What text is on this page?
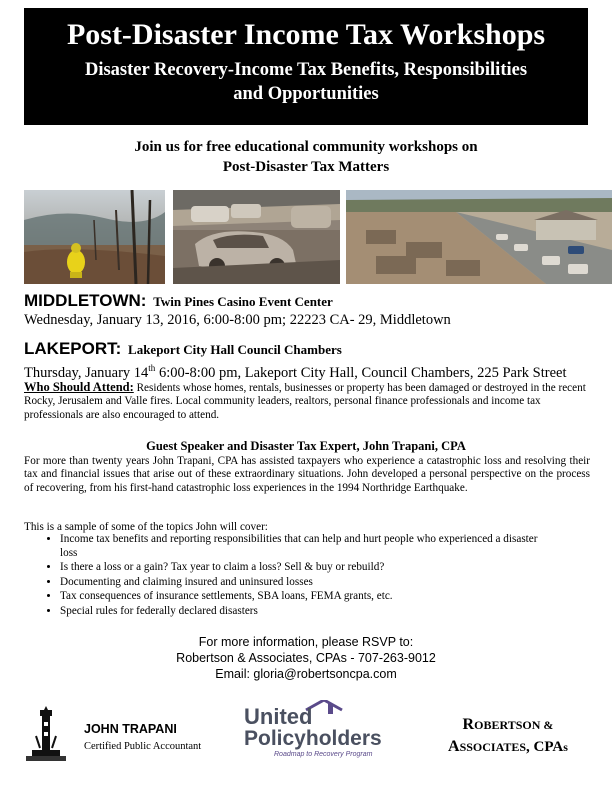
Post-Disaster Income Tax Workshops
Disaster Recovery-Income Tax Benefits, Responsibilities
and Opportunities
Join us for free educational community workshops on
Post-Disaster Tax Matters
MIDDLETOWN: Twin Pines Casino Event Center
Wednesday, January 13, 2016, 6:00-8:00 pm; 22223 CA- 29, Middletown
LAKEPORT: Lakeport City Hall Council Chambers
Thursday, January 14th 6:00-8:00 pm, Lakeport City Hall, Council Chambers, 225 Park Street
Who Should Attend: Residents whose homes, rentals, businesses or property has been damaged or destroyed in the recent Rocky, Jerusalem and Valle fires. Local community leaders, realtors, personal finance professionals and income tax professionals are also encouraged to attend.
Guest Speaker and Disaster Tax Expert, John Trapani, CPA
For more than twenty years John Trapani, CPA has assisted taxpayers who experience a catastrophic loss and resolving their tax and financial issues that arise out of these extraordinary situations. John developed a personal perspective on the process of recovering, from his first-hand catastrophic loss experiences in the 1994 Northridge Earthquake.
This is a sample of some of the topics John will cover:
• Income tax benefits and reporting responsibilities that can help and hurt people who experienced a disaster loss
• Is there a loss or a gain? Tax year to claim a loss? Sell & buy or rebuild?
• Documenting and claiming insured and uninsured losses
• Tax consequences of insurance settlements, SBA loans, FEMA grants, etc.
• Special rules for federally declared disasters
For more information, please RSVP to:
Robertson & Associates, CPAs - 707-263-9012
Email: gloria@robertsoncpa.com
JOHN TRAPANI
Certified Public Accountant
United
Policyholders
Roadmap to Recovery Program
ROBERTSON &
ASSOCIATES, CPAs
